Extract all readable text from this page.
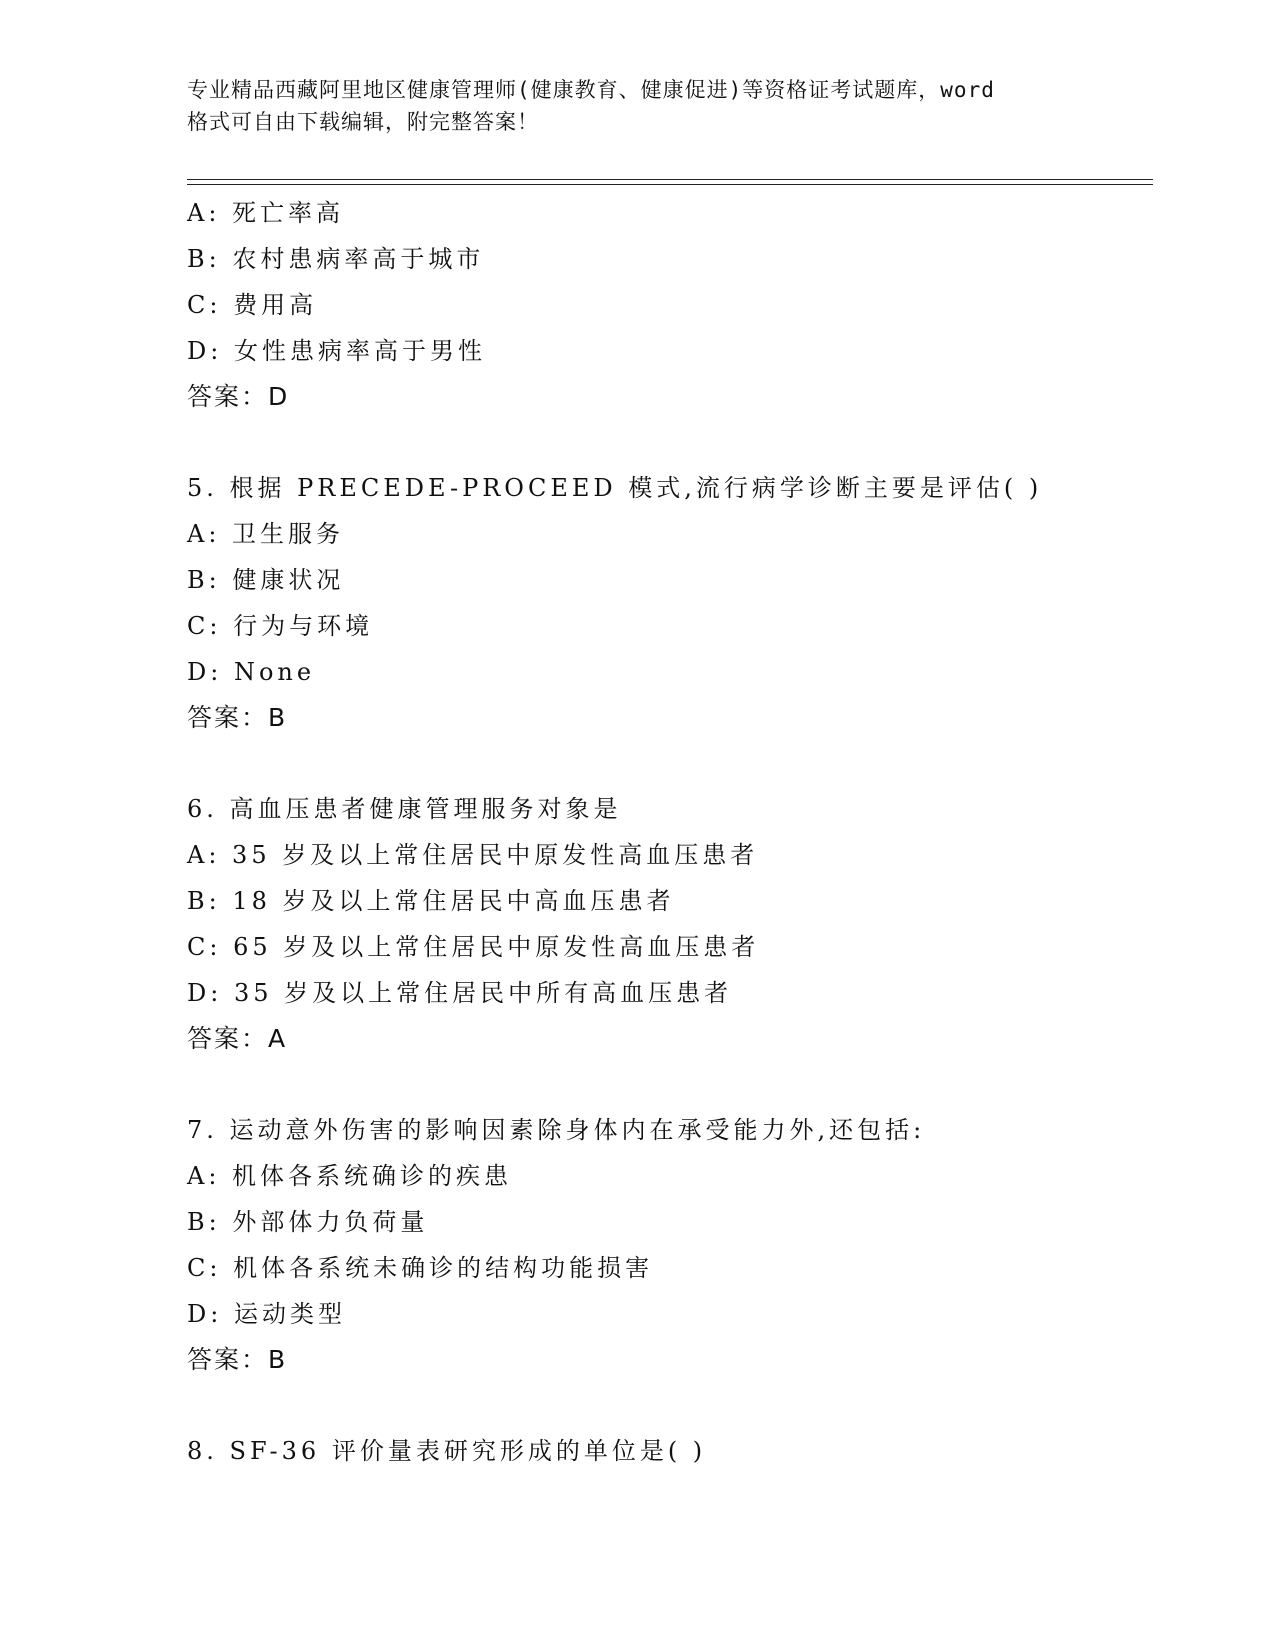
专业精品西藏阿里地区健康管理师(健康教育、健康促进)等资格证考试题库，word
格式可自由下载编辑，附完整答案！
A: 死亡率高
B: 农村患病率高于城市
C: 费用高
D: 女性患病率高于男性
答案：D
5. 根据 PRECEDE-PROCEED 模式,流行病学诊断主要是评估( )
A: 卫生服务
B: 健康状况
C: 行为与环境
D: None
答案：B
6. 高血压患者健康管理服务对象是
A: 35 岁及以上常住居民中原发性高血压患者
B: 18 岁及以上常住居民中高血压患者
C: 65 岁及以上常住居民中原发性高血压患者
D: 35 岁及以上常住居民中所有高血压患者
答案：A
7. 运动意外伤害的影响因素除身体内在承受能力外,还包括:
A: 机体各系统确诊的疾患
B: 外部体力负荷量
C: 机体各系统未确诊的结构功能损害
D: 运动类型
答案：B
8. SF-36 评价量表研究形成的单位是( )
